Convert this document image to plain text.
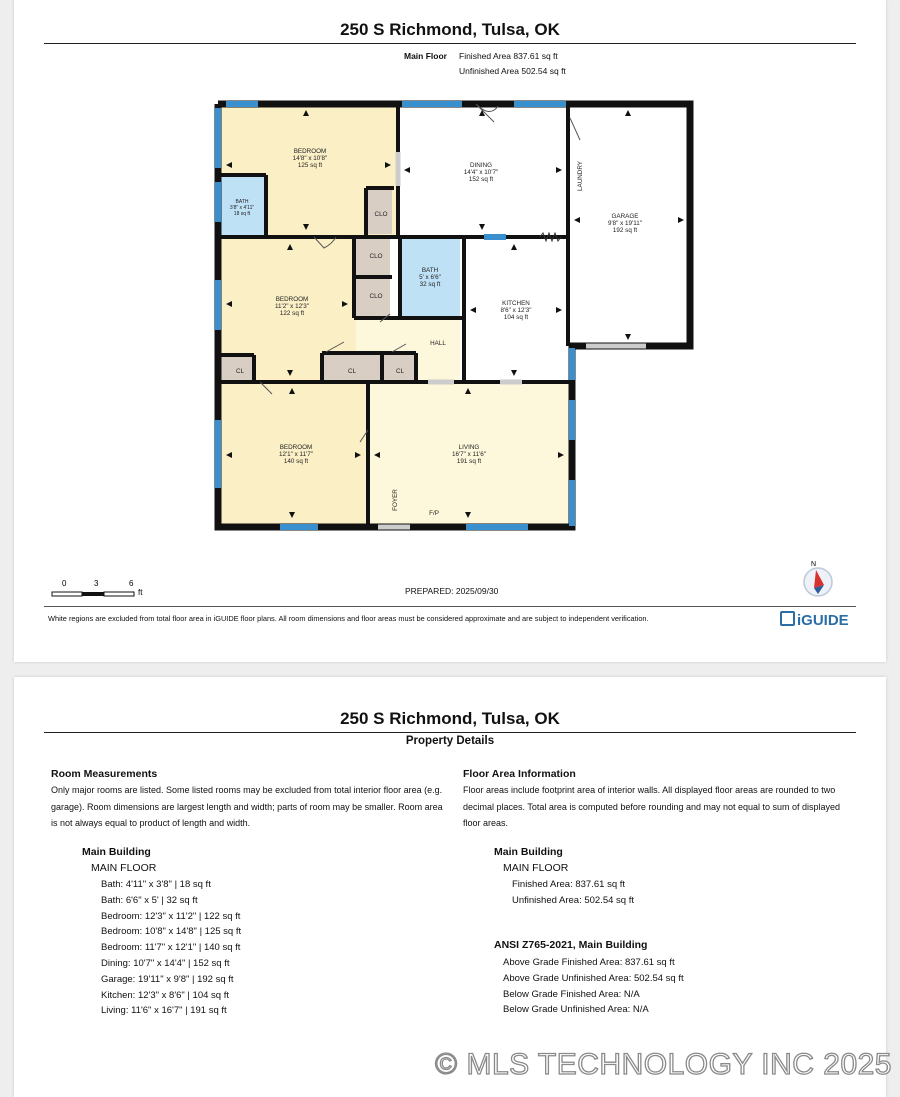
250 S Richmond, Tulsa, OK
Main Floor Finished Area 837.61 sq ft
Unfinished Area 502.54 sq ft
BEDROOM
14'8" x 10'8"
125 sq ft	DINING
14'4" x 10'7"
152 sq ft
GARAGE
9'8" x 19'11"
192 sq ft
BATH
3'8" x 4'11"
18 sq ft
BEDROOM
11'2" x 12'3"
122 sq ft
BATH
5' x 6'6"
32 sq ft
KITCHEN
8'6" x 12'3"
104 sq ft
BEDROOM
12'1" x 11'7"
140 sq ft
LIVING
16'7" x 11'6"
191 sq ft
CLO
CLO
CLO
CL	CL	CL
HALL
F/P
LAUNDRY
FOYER
0	3	6
ft
N
PREPARED: 2025/09/30
White regions are excluded from total floor area in iGUIDE floor plans. All room dimensions and floor areas must be considered approximate and are subject to independent verification.	iGUIDE
250 S Richmond, Tulsa, OK
Property Details
Room Measurements
Only major rooms are listed. Some listed rooms may be excluded from total interior floor area (e.g. garage). Room dimensions are largest length and width; parts of room may be smaller. Room area is not always equal to product of length and width.
Main Building
MAIN FLOOR
Bath: 4'11" x 3'8" | 18 sq ft
Bath: 6'6" x 5' | 32 sq ft
Bedroom: 12'3" x 11'2" | 122 sq ft
Bedroom: 10'8" x 14'8" | 125 sq ft
Bedroom: 11'7" x 12'1" | 140 sq ft
Dining: 10'7" x 14'4" | 152 sq ft
Garage: 19'11" x 9'8" | 192 sq ft
Kitchen: 12'3" x 8'6" | 104 sq ft
Living: 11'6" x 16'7" | 191 sq ft
Floor Area Information
Floor areas include footprint area of interior walls. All displayed floor areas are rounded to two decimal places. Total area is computed before rounding and may not equal to sum of displayed floor areas.
Main Building
MAIN FLOOR
Finished Area: 837.61 sq ft
Unfinished Area: 502.54 sq ft
ANSI Z765-2021, Main Building
Above Grade Finished Area: 837.61 sq ft
Above Grade Unfinished Area: 502.54 sq ft
Below Grade Finished Area: N/A
Below Grade Unfinished Area: N/A
© MLS TECHNOLOGY INC 2025
